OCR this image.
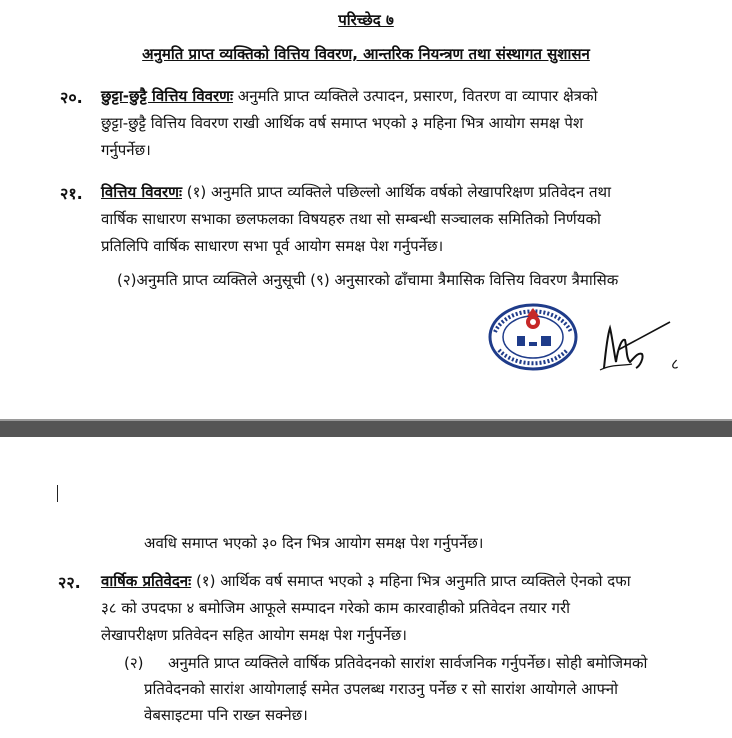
परिच्छेद ७
अनुमति प्राप्त व्यक्तिको वित्तिय विवरण, आन्तरिक नियन्त्रण तथा संस्थागत सुशासन
२०. छुट्टा-छुट्टै वित्तिय विवरणः अनुमति प्राप्त व्यक्तिले उत्पादन, प्रसारण, वितरण वा व्यापार क्षेत्रको
छुट्टा-छुट्टै वित्तिय विवरण राखी आर्थिक वर्ष समाप्त भएको ३ महिना भित्र आयोग समक्ष पेश
गर्नुपर्नेछ।
२१. वित्तिय विवरणः (१) अनुमति प्राप्त व्यक्तिले पछिल्लो आर्थिक वर्षको लेखापरिक्षण प्रतिवेदन तथा
वार्षिक साधारण सभाका छलफलका विषयहरु तथा सो सम्बन्धी सञ्चालक समितिको निर्णयको
प्रतिलिपि वार्षिक साधारण सभा पूर्व आयोग समक्ष पेश गर्नुपर्नेछ।
(२)अनुमति प्राप्त व्यक्तिले अनुसूची (९) अनुसारको ढाँचामा त्रैमासिक वित्तिय विवरण त्रैमासिक
८
अवधि समाप्त भएको ३० दिन भित्र आयोग समक्ष पेश गर्नुपर्नेछ।
२२. वार्षिक प्रतिवेदनः (१) आर्थिक वर्ष समाप्त भएको ३ महिना भित्र अनुमति प्राप्त व्यक्तिले ऐनको दफा
३८ को उपदफा ४ बमोजिम आफूले सम्पादन गरेको काम कारवाहीको प्रतिवेदन तयार गरी
लेखापरीक्षण प्रतिवेदन सहित आयोग समक्ष पेश गर्नुपर्नेछ।
(२) अनुमति प्राप्त व्यक्तिले वार्षिक प्रतिवेदनको सारांश सार्वजनिक गर्नुपर्नेछ। सोही बमोजिमको
प्रतिवेदनको सारांश आयोगलाई समेत उपलब्ध गराउनु पर्नेछ र सो सारांश आयोगले आफ्नो
वेबसाइटमा पनि राख्न सक्नेछ।
